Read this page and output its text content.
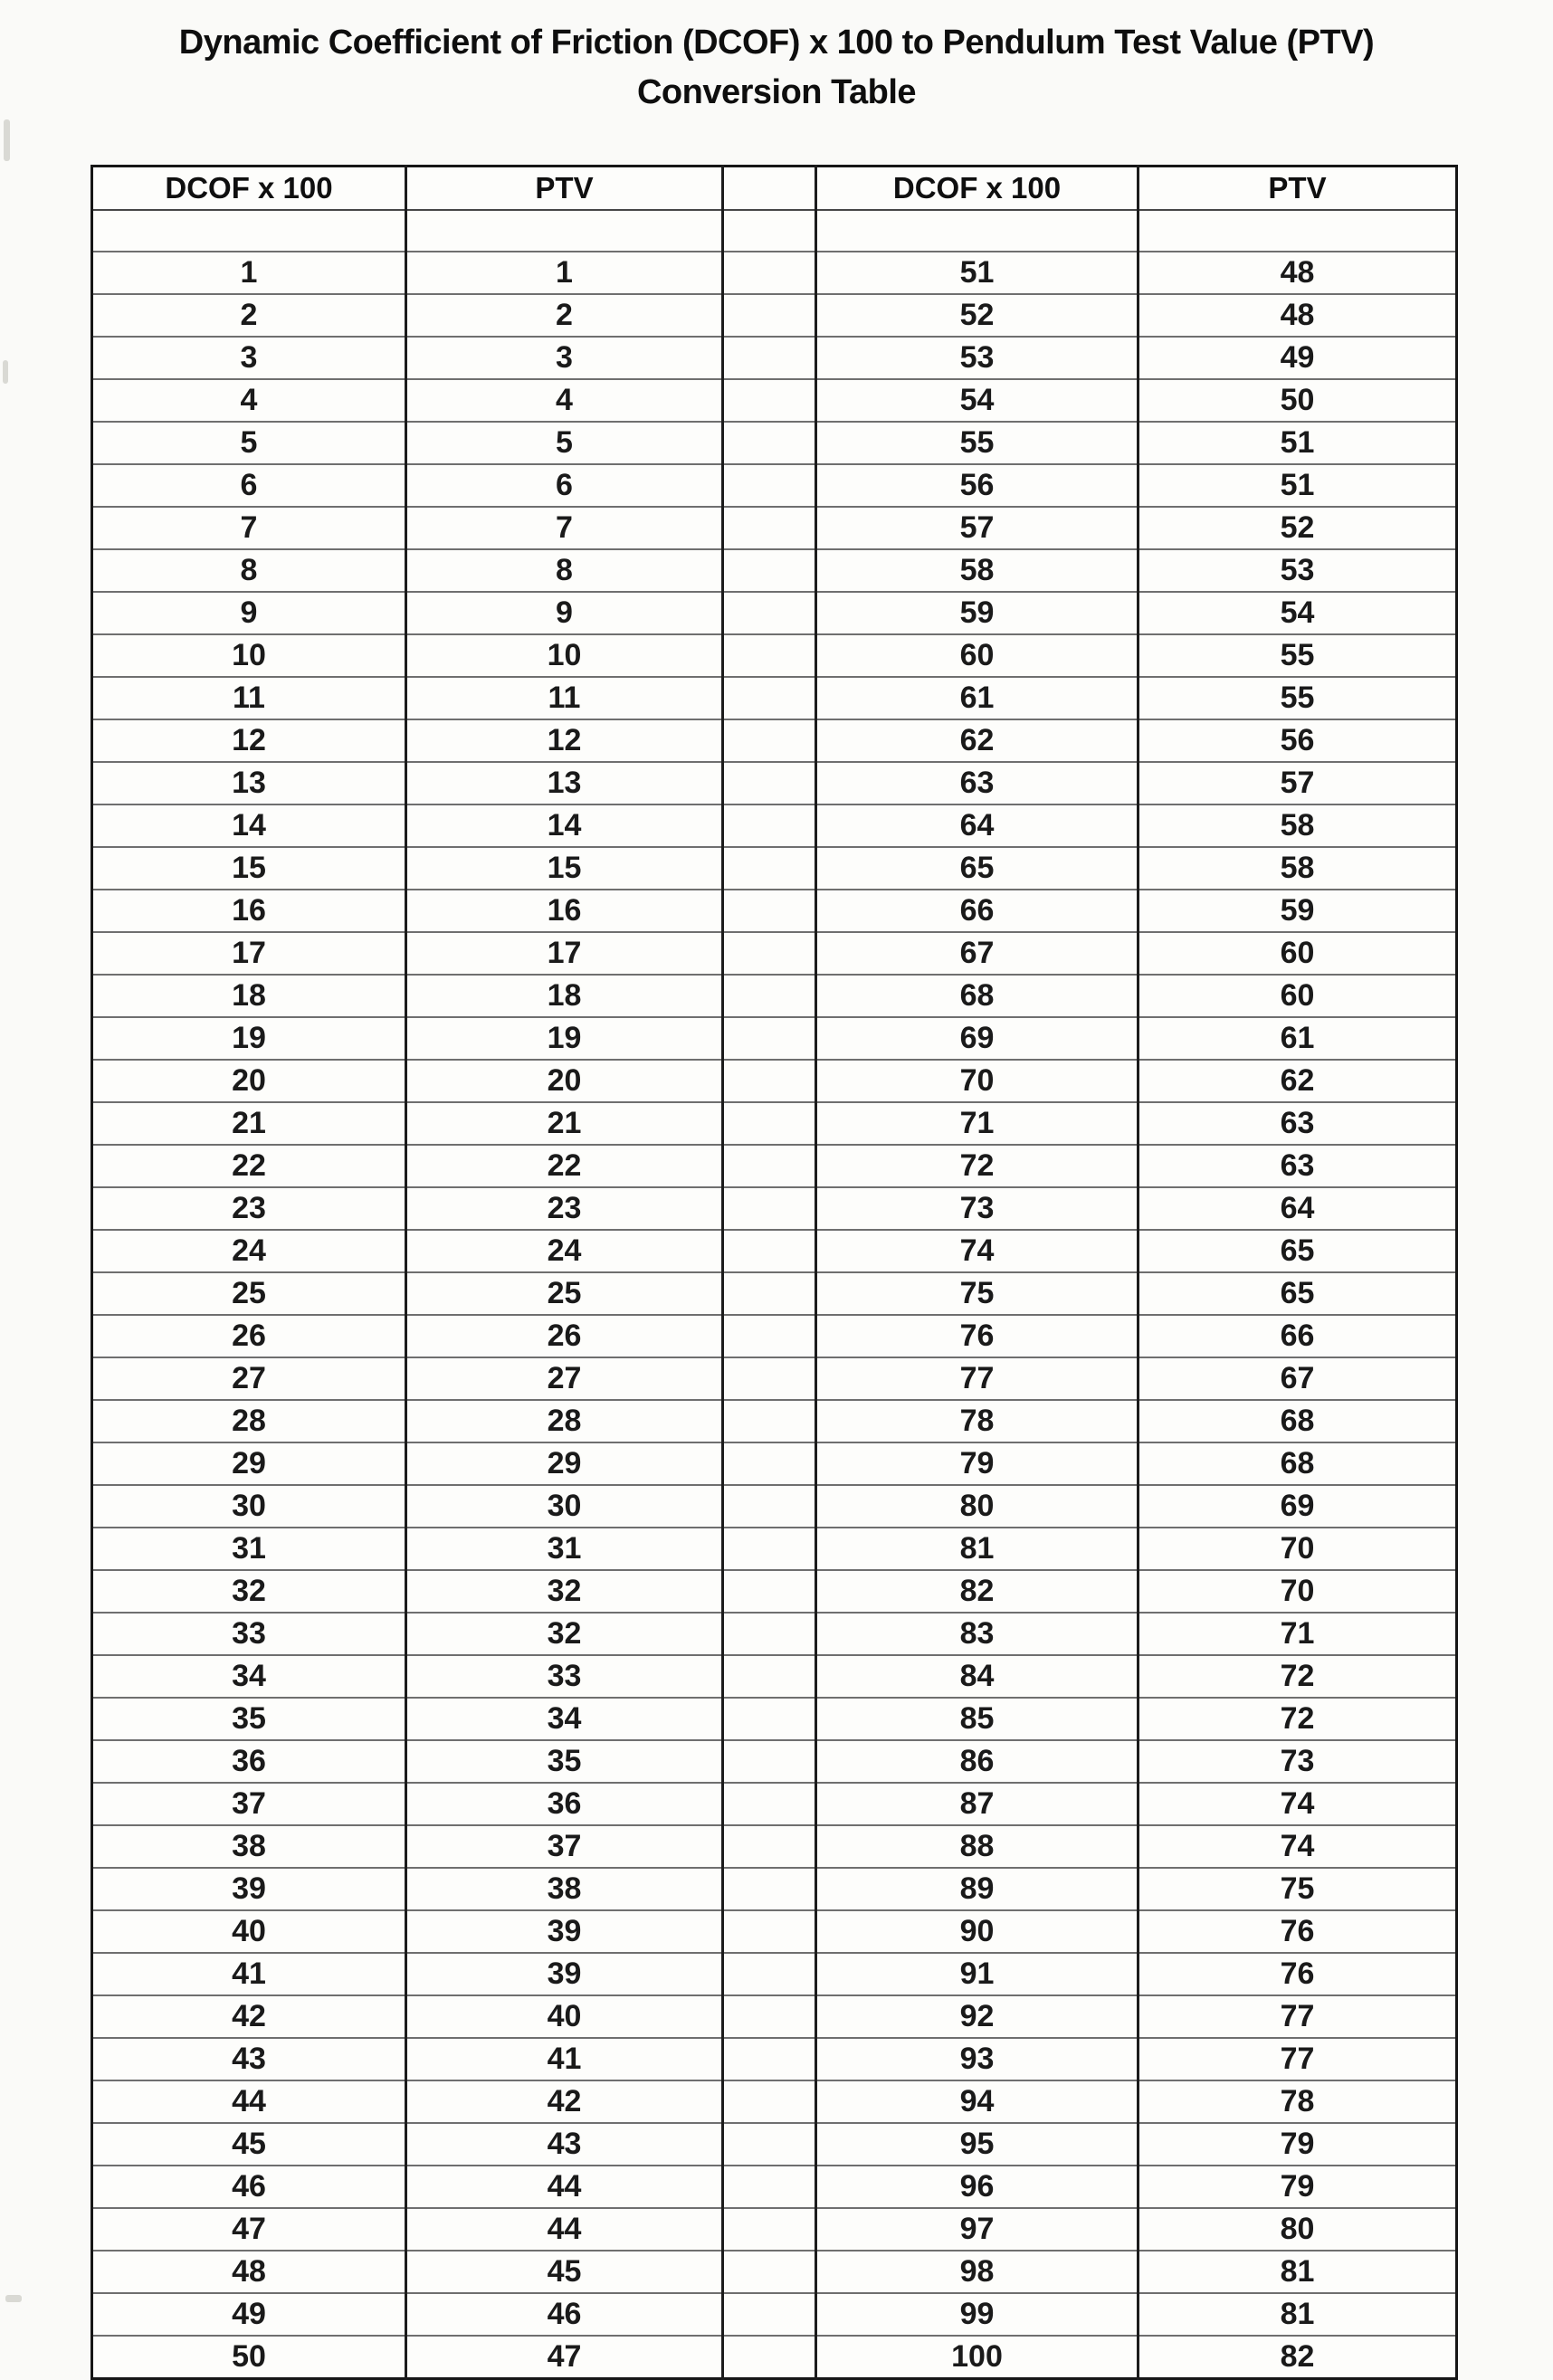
Dynamic Coefficient of Friction (DCOF) x 100 to Pendulum Test Value (PTV)
Conversion Table
DCOF x 100	PTV		DCOF x 100	PTV

1	1		51	48
2	2		52	48
3	3		53	49
4	4		54	50
5	5		55	51
6	6		56	51
7	7		57	52
8	8		58	53
9	9		59	54
10	10		60	55
11	11		61	55
12	12		62	56
13	13		63	57
14	14		64	58
15	15		65	58
16	16		66	59
17	17		67	60
18	18		68	60
19	19		69	61
20	20		70	62
21	21		71	63
22	22		72	63
23	23		73	64
24	24		74	65
25	25		75	65
26	26		76	66
27	27		77	67
28	28		78	68
29	29		79	68
30	30		80	69
31	31		81	70
32	32		82	70
33	32		83	71
34	33		84	72
35	34		85	72
36	35		86	73
37	36		87	74
38	37		88	74
39	38		89	75
40	39		90	76
41	39		91	76
42	40		92	77
43	41		93	77
44	42		94	78
45	43		95	79
46	44		96	79
47	44		97	80
48	45		98	81
49	46		99	81
50	47		100	82
